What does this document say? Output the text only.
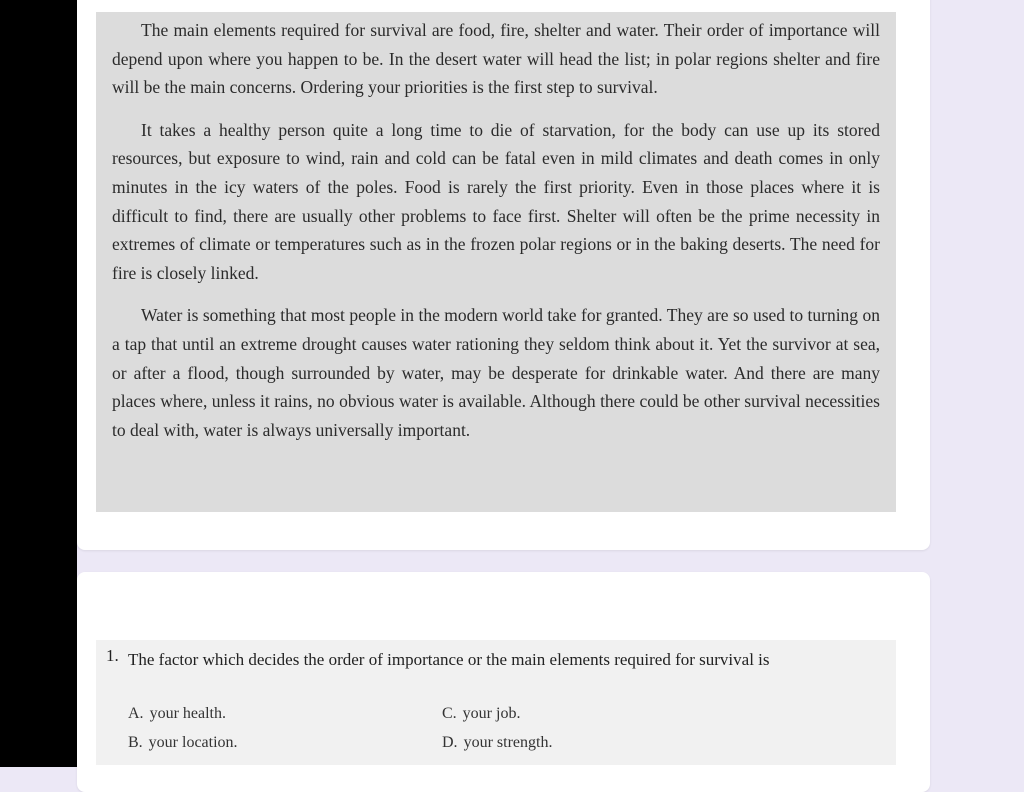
The main elements required for survival are food, fire, shelter and water. Their order of importance will depend upon where you happen to be. In the desert water will head the list; in polar regions shelter and fire will be the main concerns. Ordering your priorities is the first step to survival.

It takes a healthy person quite a long time to die of starvation, for the body can use up its stored resources, but exposure to wind, rain and cold can be fatal even in mild climates and death comes in only minutes in the icy waters of the poles. Food is rarely the first priority. Even in those places where it is difficult to find, there are usually other problems to face first. Shelter will often be the prime necessity in extremes of climate or temperatures such as in the frozen polar regions or in the baking deserts. The need for fire is closely linked.

Water is something that most people in the modern world take for granted. They are so used to turning on a tap that until an extreme drought causes water rationing they seldom think about it. Yet the survivor at sea, or after a flood, though surrounded by water, may be desperate for drinkable water. And there are many places where, unless it rains, no obvious water is available. Although there could be other survival necessities to deal with, water is always universally important.

1. The factor which decides the order of importance or the main elements required for survival is
A. your health.
B. your location.
C. your job.
D. your strength.
